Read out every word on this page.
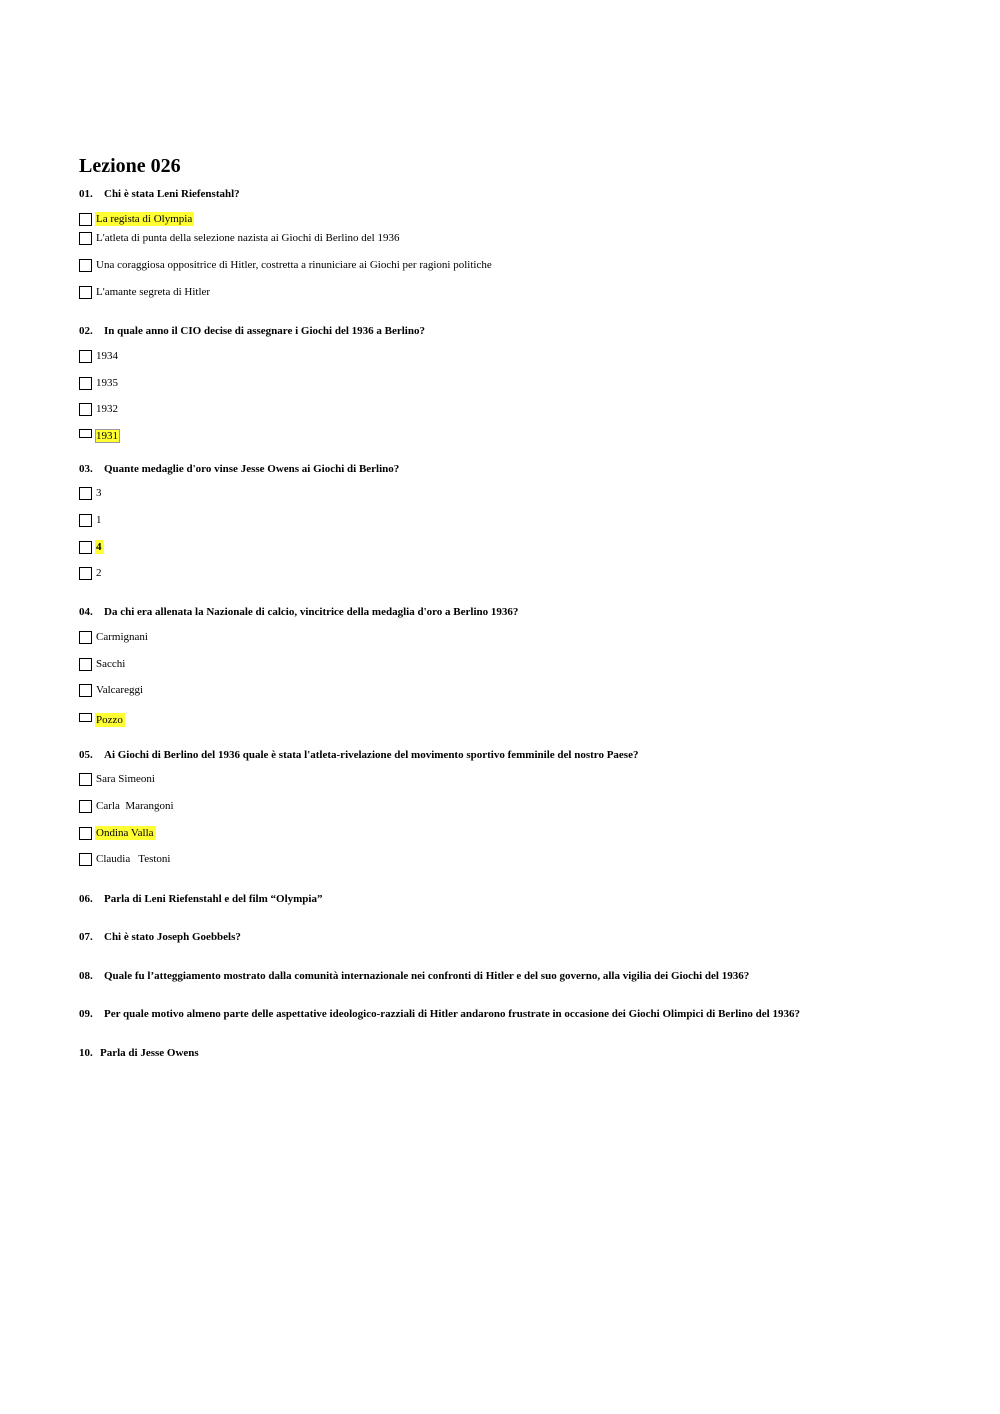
Lezione 026
01. Chi è stata Leni Riefenstahl?
La regista di Olympia
L'atleta di punta della selezione nazista ai Giochi di Berlino del 1936
Una coraggiosa oppositrice di Hitler, costretta a rinuniciare ai Giochi per ragioni politiche
L'amante segreta di Hitler
02. In quale anno il CIO decise di assegnare i Giochi del 1936 a Berlino?
1934
1935
1932
1931
03. Quante medaglie d'oro vinse Jesse Owens ai Giochi di Berlino?
3
1
4
2
04. Da chi era allenata la Nazionale di calcio, vincitrice della medaglia d'oro a Berlino 1936?
Carmignani
Sacchi
Valcareggi
Pozzo
05. Ai Giochi di Berlino del 1936 quale è stata l'atleta-rivelazione del movimento sportivo femminile del nostro Paese?
Sara Simeoni
Carla  Marangoni
Ondina Valla
Claudia   Testoni
06. Parla di Leni Riefenstahl e del film “Olympia”
07. Chi è stato Joseph Goebbels?
08. Quale fu l’atteggiamento mostrato dalla comunità internazionale nei confronti di Hitler e del suo governo, alla vigilia dei Giochi del 1936?
09. Per quale motivo almeno parte delle aspettative ideologico-razziali di Hitler andarono frustrate in occasione dei Giochi Olimpici di Berlino del 1936?
10. Parla di Jesse Owens
